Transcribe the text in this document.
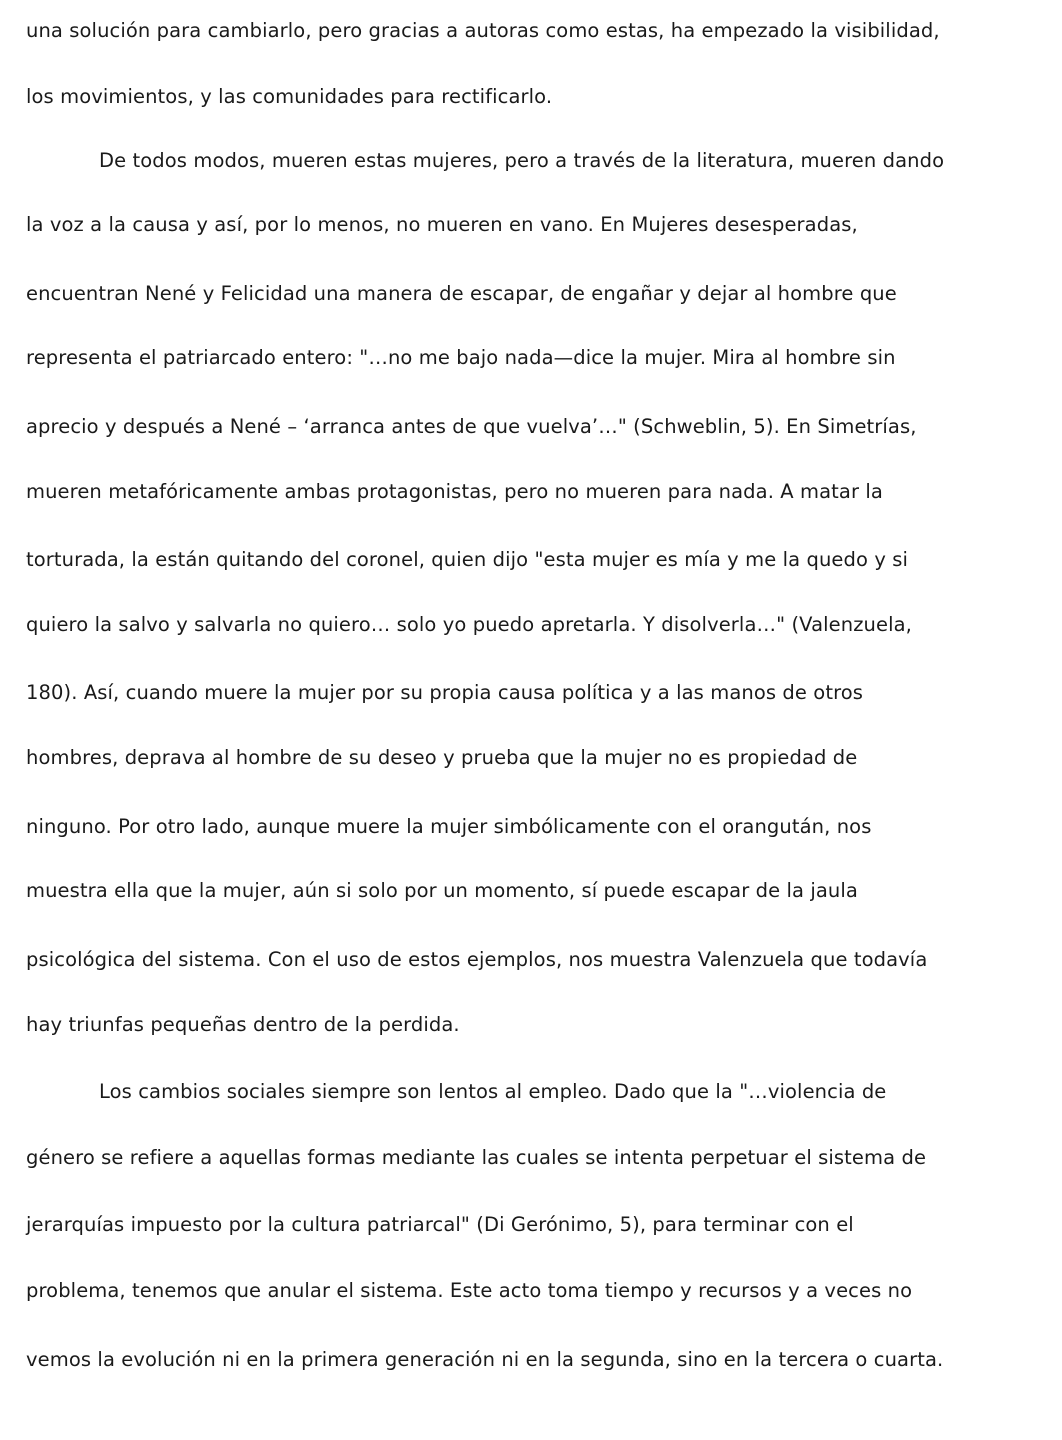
una solución para cambiarlo, pero gracias a autoras como estas, ha empezado la visibilidad,
los movimientos, y las comunidades para rectificarlo.
De todos modos, mueren estas mujeres, pero a través de la literatura, mueren dando
la voz a la causa y así, por lo menos, no mueren en vano. En Mujeres desesperadas,
encuentran Nené y Felicidad una manera de escapar, de engañar y dejar al hombre que
representa el patriarcado entero: "…no me bajo nada—dice la mujer. Mira al hombre sin
aprecio y después a Nené – ‘arranca antes de que vuelva’…" (Schweblin, 5). En Simetrías,
mueren metafóricamente ambas protagonistas, pero no mueren para nada. A matar la
torturada, la están quitando del coronel, quien dijo "esta mujer es mía y me la quedo y si
quiero la salvo y salvarla no quiero… solo yo puedo apretarla. Y disolverla…" (Valenzuela,
180). Así, cuando muere la mujer por su propia causa política y a las manos de otros
hombres, deprava al hombre de su deseo y prueba que la mujer no es propiedad de
ninguno. Por otro lado, aunque muere la mujer simbólicamente con el orangután, nos
muestra ella que la mujer, aún si solo por un momento, sí puede escapar de la jaula
psicológica del sistema. Con el uso de estos ejemplos, nos muestra Valenzuela que todavía
hay triunfas pequeñas dentro de la perdida.
Los cambios sociales siempre son lentos al empleo. Dado que la "…violencia de
género se refiere a aquellas formas mediante las cuales se intenta perpetuar el sistema de
jerarquías impuesto por la cultura patriarcal" (Di Gerónimo, 5), para terminar con el
problema, tenemos que anular el sistema. Este acto toma tiempo y recursos y a veces no
vemos la evolución ni en la primera generación ni en la segunda, sino en la tercera o cuarta.
